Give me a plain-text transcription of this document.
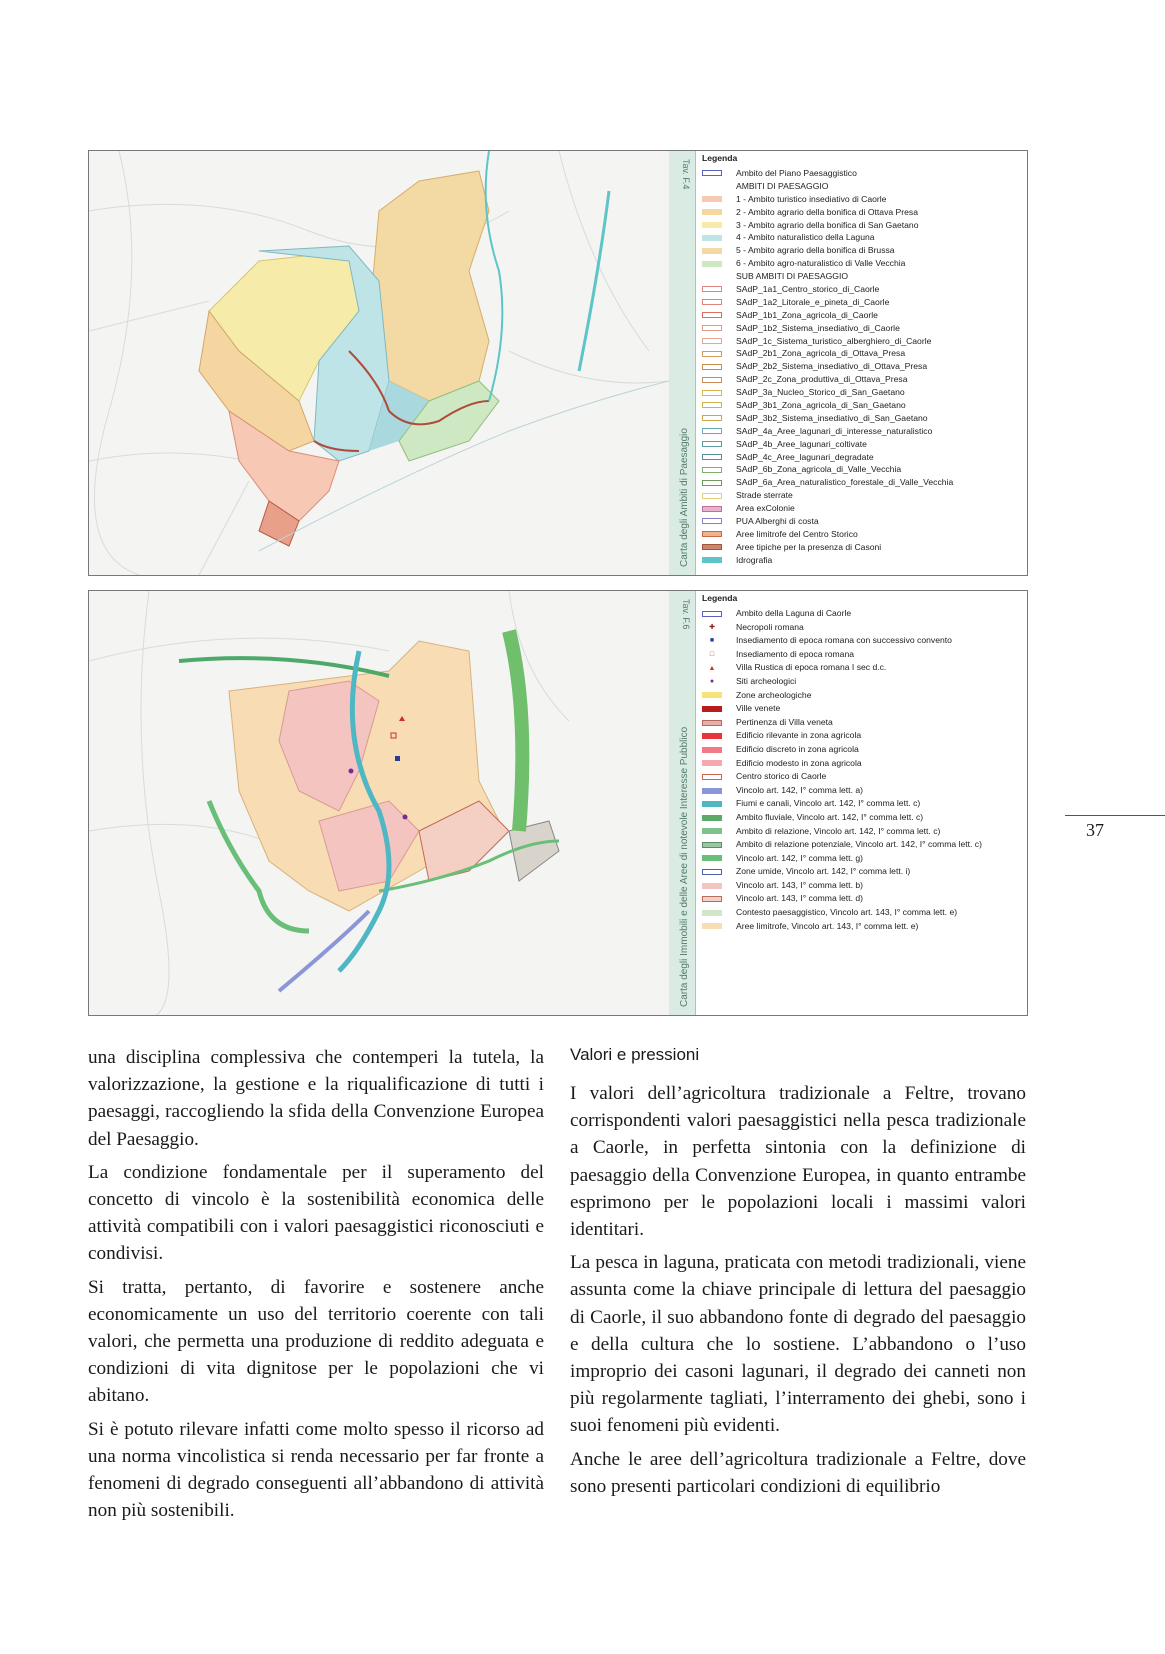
Carta degli Ambiti di Paesaggio
Tav. F.4
Legenda
Ambito del Piano Paesaggistico
AMBITI DI PAESAGGIO
1 - Ambito turistico insediativo di Caorle
2 - Ambito agrario della bonifica di Ottava Presa
3 - Ambito agrario della bonifica di San Gaetano
4 - Ambito naturalistico della Laguna
5 - Ambito agrario della bonifica di Brussa
6 - Ambito agro-naturalistico di Valle Vecchia
SUB AMBITI DI PAESAGGIO
SAdP_1a1_Centro_storico_di_Caorle
SAdP_1a2_Litorale_e_pineta_di_Caorle
SAdP_1b1_Zona_agricola_di_Caorle
SAdP_1b2_Sistema_insediativo_di_Caorle
SAdP_1c_Sistema_turistico_alberghiero_di_Caorle
SAdP_2b1_Zona_agricola_di_Ottava_Presa
SAdP_2b2_Sistema_insediativo_di_Ottava_Presa
SAdP_2c_Zona_produttiva_di_Ottava_Presa
SAdP_3a_Nucleo_Storico_di_San_Gaetano
SAdP_3b1_Zona_agricola_di_San_Gaetano
SAdP_3b2_Sistema_insediativo_di_San_Gaetano
SAdP_4a_Aree_lagunari_di_interesse_naturalistico
SAdP_4b_Aree_lagunari_coltivate
SAdP_4c_Aree_lagunari_degradate
SAdP_6b_Zona_agricola_di_Valle_Vecchia
SAdP_6a_Area_naturalistico_forestale_di_Valle_Vecchia
Strade sterrate
Area exColonie
PUA Alberghi di costa
Aree limitrofe del Centro Storico
Aree tipiche per la presenza di Casoni
Idrografia
Carta degli Immobili e delle Aree di notevole Interesse Pubblico
Tav. F.6
Legenda
Ambito della Laguna di Caorle
✚	Necropoli romana
■	Insediamento di epoca romana con successivo convento
□	Insediamento di epoca romana
▲	Villa Rustica di epoca romana I sec d.c.
●	Siti archeologici
Zone archeologiche
Ville venete
Pertinenza di Villa veneta
Edificio rilevante in zona agricola
Edificio discreto in zona agricola
Edificio modesto in zona agricola
Centro storico di Caorle
Vincolo art. 142, I° comma lett. a)
Fiumi e canali, Vincolo art. 142, I° comma lett. c)
Ambito fluviale, Vincolo art. 142, I° comma lett. c)
Ambito di relazione, Vincolo art. 142, I° comma lett. c)
Ambito di relazione potenziale, Vincolo art. 142, I° comma lett. c)
Vincolo art. 142, I° comma lett. g)
Zone umide, Vincolo art. 142, I° comma lett. i)
Vincolo art. 143, I° comma lett. b)
Vincolo art. 143, I° comma lett. d)
Contesto paesaggistico, Vincolo art. 143, I° comma lett. e)
Aree limitrofe, Vincolo art. 143, I° comma lett. e)
37

una disciplina complessiva che contemperi la tutela, la valorizzazione, la gestione e la riqualificazione di tutti i paesaggi, raccogliendo la sfida della Convenzione Europea del Paesaggio.

La condizione fondamentale per il superamento del concetto di vincolo è la sostenibilità economica delle attività compatibili con i valori paesaggistici riconosciuti e condivisi.

Si tratta, pertanto, di favorire e sostenere anche economicamente un uso del territorio coerente con tali valori, che permetta una produzione di reddito adeguata e condizioni di vita dignitose per le popolazioni che vi abitano.

Si è potuto rilevare infatti come molto spesso il ricorso ad una norma vincolistica si renda necessario per far fronte a fenomeni di degrado conseguenti all’abbandono di attività non più sostenibili.

Valori e pressioni

I valori dell’agricoltura tradizionale a Feltre, trovano corrispondenti valori paesaggistici nella pesca tradizionale a Caorle, in perfetta sintonia con la definizione di paesaggio della Convenzione Europea, in quanto entrambe esprimono per le popolazioni locali i massimi valori identitari.

La pesca in laguna, praticata con metodi tradizionali, viene assunta come la chiave principale di lettura del paesaggio di Caorle, il suo abbandono fonte di degrado del paesaggio e della cultura che lo sostiene. L’abbandono o l’uso improprio dei casoni lagunari, il degrado dei canneti non più regolarmente tagliati, l’interramento dei ghebi, sono i suoi fenomeni più evidenti.

Anche le aree dell’agricoltura tradizionale a Feltre, dove sono presenti particolari condizioni di equilibrio
